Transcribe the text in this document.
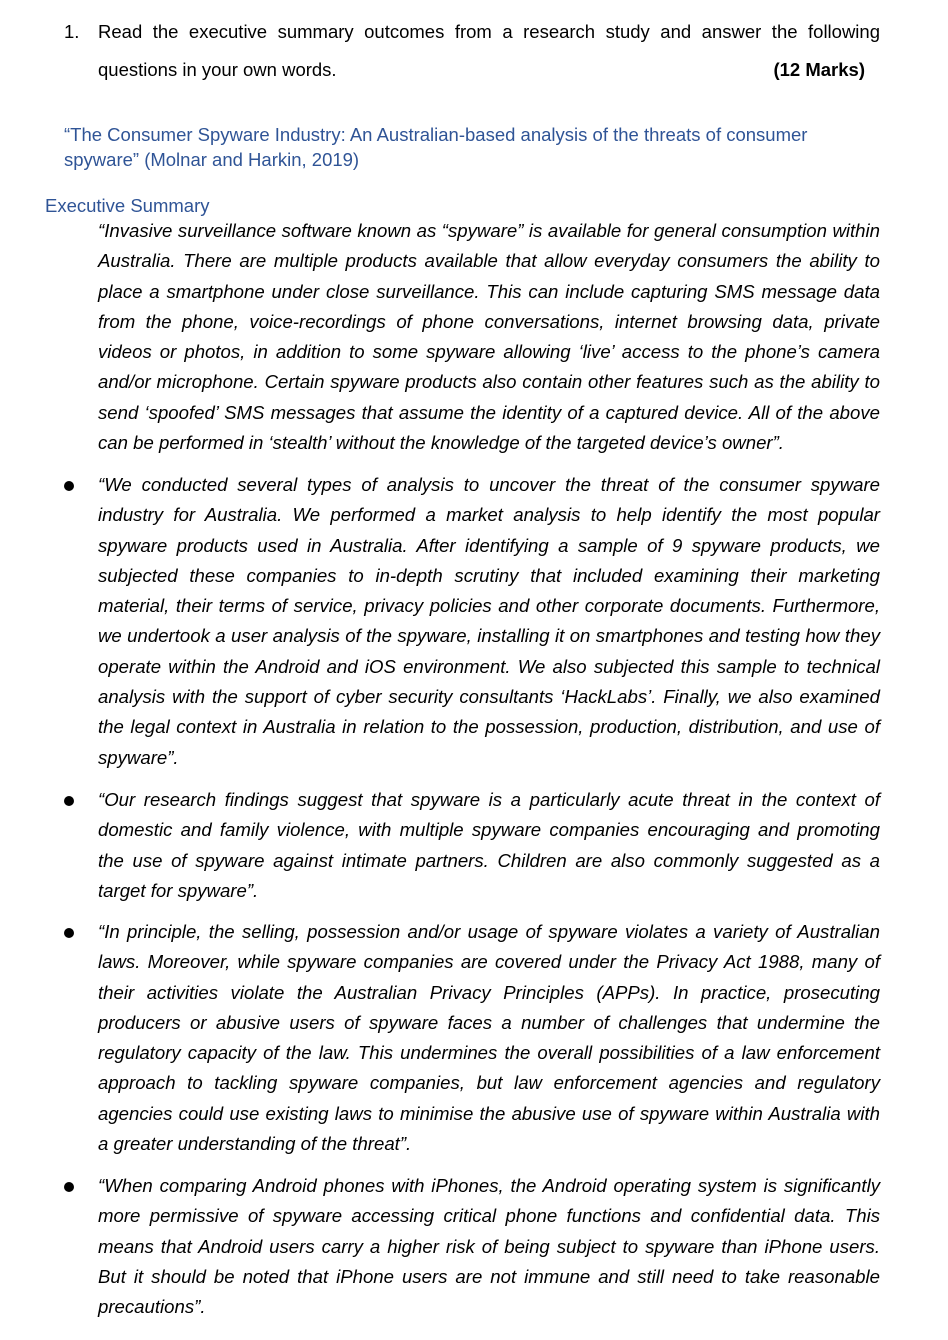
1. Read the executive summary outcomes from a research study and answer the following
questions in your own words.	(12 Marks)
“The Consumer Spyware Industry: An Australian-based analysis of the threats of consumer spyware” (Molnar and Harkin, 2019)
Executive Summary
“Invasive surveillance software known as “spyware” is available for general consumption within Australia. There are multiple products available that allow everyday consumers the ability to place a smartphone under close surveillance. This can include capturing SMS message data from the phone, voice-recordings of phone conversations, internet browsing data, private videos or photos, in addition to some spyware allowing ‘live’ access to the phone’s camera and/or microphone. Certain spyware products also contain other features such as the ability to send ‘spoofed’ SMS messages that assume the identity of a captured device. All of the above can be performed in ‘stealth’ without the knowledge of the targeted device’s owner”.
“We conducted several types of analysis to uncover the threat of the consumer spyware industry for Australia. We performed a market analysis to help identify the most popular spyware products used in Australia. After identifying a sample of 9 spyware products, we subjected these companies to in-depth scrutiny that included examining their marketing material, their terms of service, privacy policies and other corporate documents. Furthermore, we undertook a user analysis of the spyware, installing it on smartphones and testing how they operate within the Android and iOS environment. We also subjected this sample to technical analysis with the support of cyber security consultants ‘HackLabs’. Finally, we also examined the legal context in Australia in relation to the possession, production, distribution, and use of spyware”.
“Our research findings suggest that spyware is a particularly acute threat in the context of domestic and family violence, with multiple spyware companies encouraging and promoting the use of spyware against intimate partners. Children are also commonly suggested as a target for spyware”.
“In principle, the selling, possession and/or usage of spyware violates a variety of Australian laws. Moreover, while spyware companies are covered under the Privacy Act 1988, many of their activities violate the Australian Privacy Principles (APPs). In practice, prosecuting producers or abusive users of spyware faces a number of challenges that undermine the regulatory capacity of the law. This undermines the overall possibilities of a law enforcement approach to tackling spyware companies, but law enforcement agencies and regulatory agencies could use existing laws to minimise the abusive use of spyware within Australia with a greater understanding of the threat”.
“When comparing Android phones with iPhones, the Android operating system is significantly more permissive of spyware accessing critical phone functions and confidential data. This means that Android users carry a higher risk of being subject to spyware than iPhone users. But it should be noted that iPhone users are not immune and still need to take reasonable precautions”.
